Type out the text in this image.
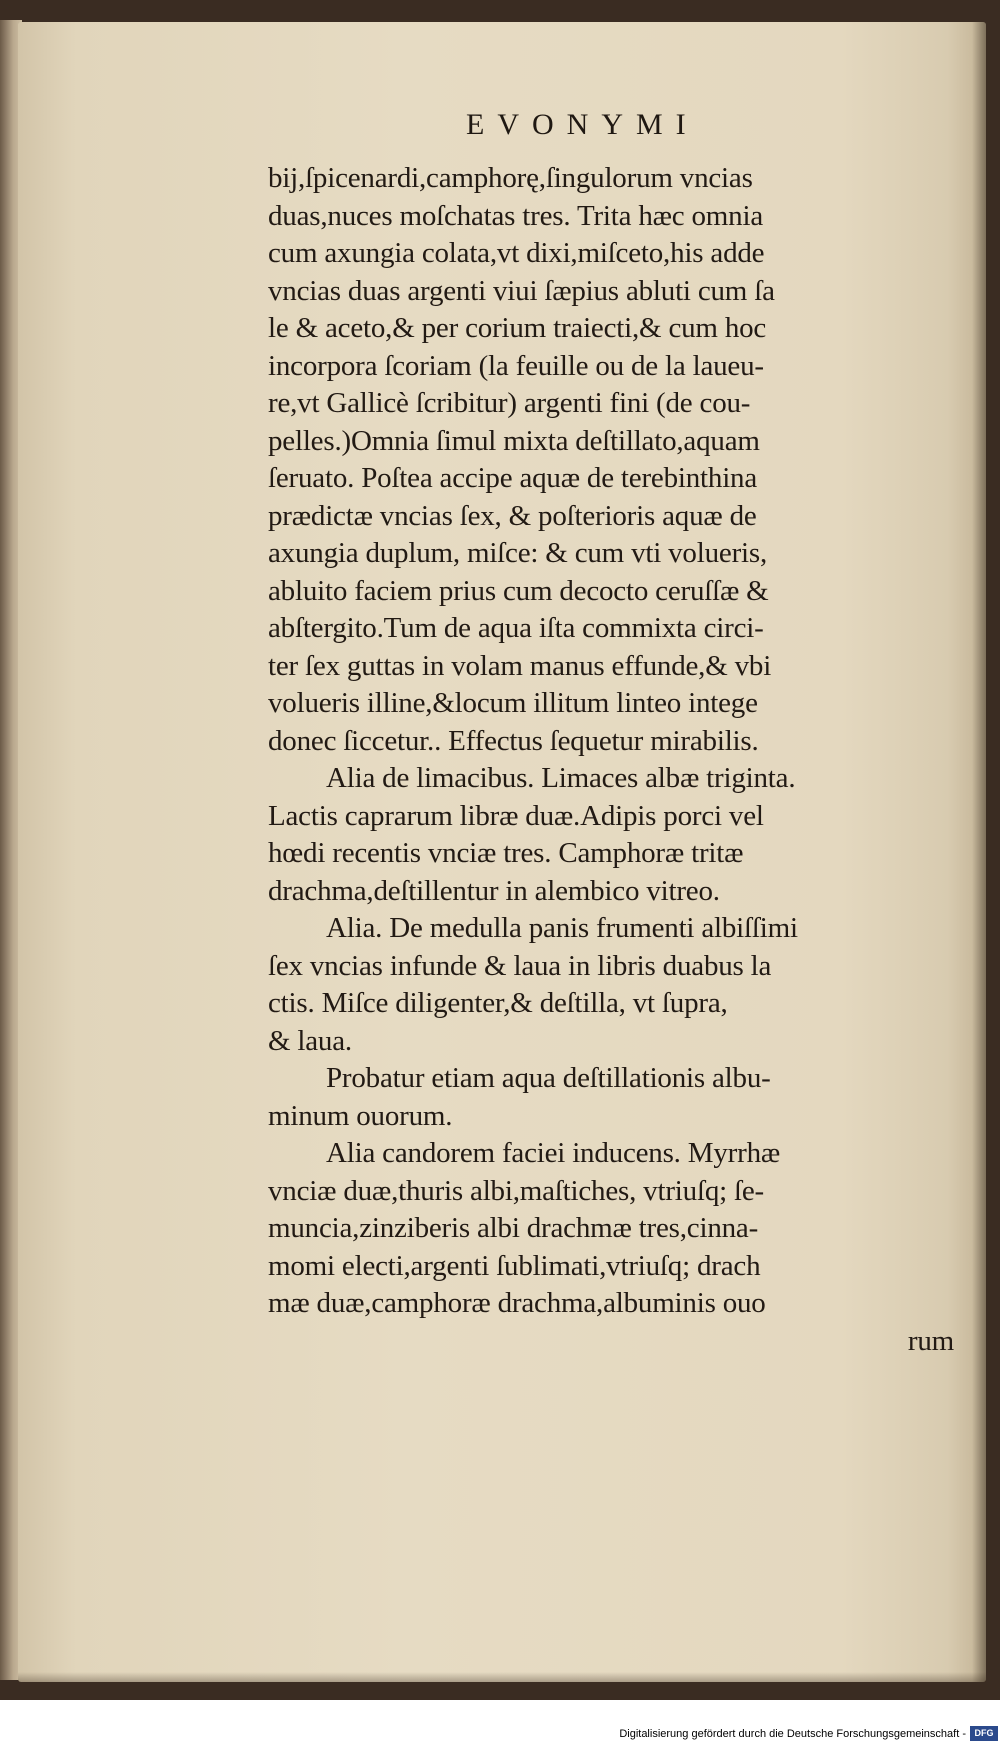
EVONYMI
bij,ſpicenardi,camphorę,ſingulorum vncias
duas,nuces moſchatas tres. Trita hæc omnia
cum axungia colata,vt dixi,miſceto,his adde
vncias duas argenti viui ſæpius abluti cum ſa
le & aceto,& per corium traiecti,& cum hoc
incorpora ſcoriam (la feuille ou de la laueu-
re,vt Gallicè ſcribitur) argenti fini (de cou-
pelles.)Omnia ſimul mixta deſtillato,aquam
ſeruato. Poſtea accipe aquæ de terebinthina
prædictæ vncias ſex, & poſterioris aquæ de
axungia duplum, miſce: & cum vti volueris,
abluito faciem prius cum decocto ceruſſæ &
abſtergito.Tum de aqua iſta commixta circi-
ter ſex guttas in volam manus effunde,& vbi
volueris illine,&locum illitum linteo intege
donec ſiccetur.. Effectus ſequetur mirabilis.
Alia de limacibus. Limaces albæ triginta.
Lactis caprarum libræ duæ.Adipis porci vel
hœdi recentis vnciæ tres. Camphoræ tritæ
drachma,deſtillentur in alembico vitreo.
Alia. De medulla panis frumenti albiſſimi
ſex vncias infunde & laua in libris duabus la
ctis. Miſce diligenter,& deſtilla, vt ſupra,
& laua.
Probatur etiam aqua deſtillationis albu-
minum ouorum.
Alia candorem faciei inducens. Myrrhæ
vnciæ duæ,thuris albi,maſtiches, vtriuſq; ſe-
muncia,zinziberis albi drachmæ tres,cinna-
momi electi,argenti ſublimati,vtriuſq; drach
mæ duæ,camphoræ drachma,albuminis ouo
rum
Digitalisierung gefördert durch die Deutsche Forschungsgemeinschaft - DFG
